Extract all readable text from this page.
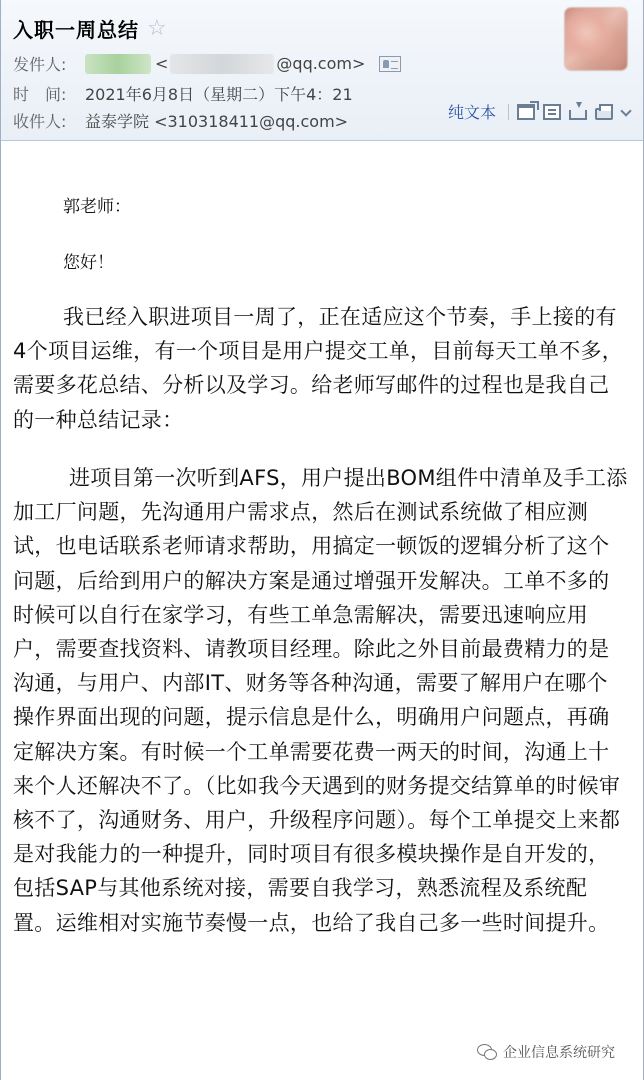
入职一周总结 ☆
发件人:	<	@qq.com>
时　间:	2021年6月8日（星期二）下午4：21
收件人:	益泰学院 <310318411@qq.com>	纯文本
郭老师：
您好！

我已经入职进项目一周了，正在适应这个节奏，手上接的有4个项目运维，有一个项目是用户提交工单，目前每天工单不多，需要多花总结、分析以及学习。给老师写邮件的过程也是我自己的一种总结记录：

进项目第一次听到AFS，用户提出BOM组件中清单及手工添加工厂问题，先沟通用户需求点，然后在测试系统做了相应测试，也电话联系老师请求帮助，用搞定一顿饭的逻辑分析了这个问题，后给到用户的解决方案是通过增强开发解决。工单不多的时候可以自行在家学习，有些工单急需解决，需要迅速响应用户，需要查找资料、请教项目经理。除此之外目前最费精力的是沟通，与用户、内部IT、财务等各种沟通，需要了解用户在哪个操作界面出现的问题，提示信息是什么，明确用户问题点，再确定解决方案。有时候一个工单需要花费一两天的时间，沟通上十来个人还解决不了。（比如我今天遇到的财务提交结算单的时候审核不了，沟通财务、用户，升级程序问题）。每个工单提交上来都是对我能力的一种提升，同时项目有很多模块操作是自开发的，包括SAP与其他系统对接，需要自我学习，熟悉流程及系统配置。运维相对实施节奏慢一点，也给了我自己多一些时间提升。

企业信息系统研究
